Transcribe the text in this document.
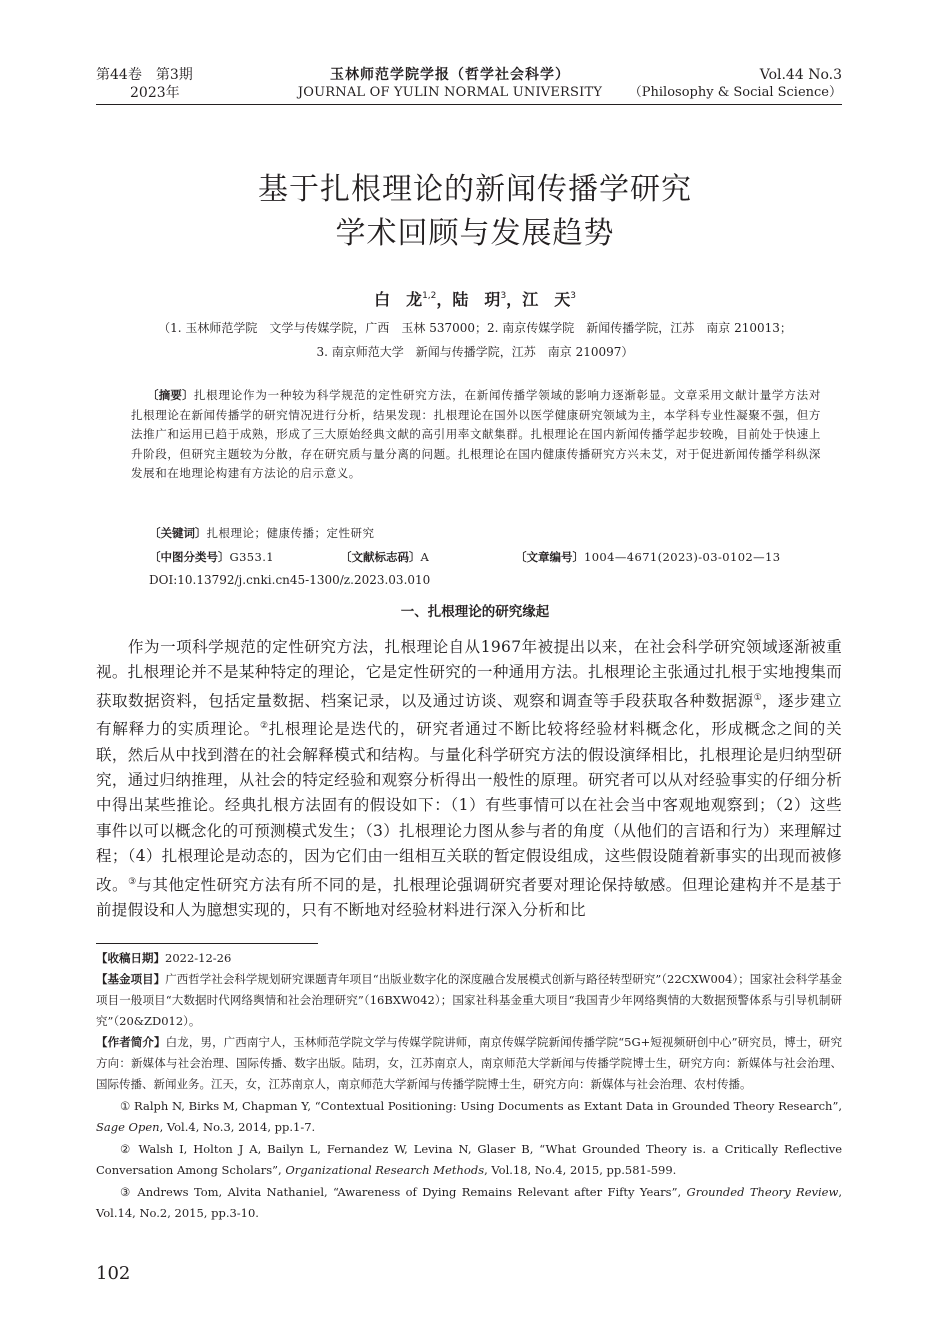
第44卷　第3期
2023年
玉林师范学院学报（哲学社会科学）
JOURNAL OF YULIN NORMAL UNIVERSITY
Vol.44 No.3
（Philosophy & Social Science）
基于扎根理论的新闻传播学研究
学术回顾与发展趋势
白　龙$^{1,2}$，陆　玥$^3$，江　天$^3$
（1. 玉林师范学院　文学与传媒学院，广西　玉林 537000；2. 南京传媒学院　新闻传播学院，江苏　南京 210013；
3. 南京师范大学　新闻与传播学院，江苏　南京 210097）
〔摘要〕扎根理论作为一种较为科学规范的定性研究方法，在新闻传播学领域的影响力逐渐彰显。文章采用文献计量学方法对扎根理论在新闻传播学的研究情况进行分析，结果发现：扎根理论在国外以医学健康研究领域为主，本学科专业性凝聚不强，但方法推广和运用已趋于成熟，形成了三大原始经典文献的高引用率文献集群。扎根理论在国内新闻传播学起步较晚，目前处于快速上升阶段，但研究主题较为分散，存在研究质与量分离的问题。扎根理论在国内健康传播研究方兴未艾，对于促进新闻传播学科纵深发展和在地理论构建有方法论的启示意义。
〔关键词〕扎根理论；健康传播；定性研究
〔中图分类号〕G353.1	〔文献标志码〕A	〔文章编号〕1004—4671(2023)-03-0102—13
DOI:10.13792/j.cnki.cn45-1300/z.2023.03.010
一、扎根理论的研究缘起
作为一项科学规范的定性研究方法，扎根理论自从1967年被提出以来，在社会科学研究领域逐渐被重视。扎根理论并不是某种特定的理论，它是定性研究的一种通用方法。扎根理论主张通过扎根于实地搜集而获取数据资料，包括定量数据、档案记录，以及通过访谈、观察和调查等手段获取各种数据源①，逐步建立有解释力的实质理论。②扎根理论是迭代的，研究者通过不断比较将经验材料概念化，形成概念之间的关联，然后从中找到潜在的社会解释模式和结构。与量化科学研究方法的假设演绎相比，扎根理论是归纳型研究，通过归纳推理，从社会的特定经验和观察分析得出一般性的原理。研究者可以从对经验事实的仔细分析中得出某些推论。经典扎根方法固有的假设如下：（1）有些事情可以在社会当中客观地观察到；（2）这些事件以可以概念化的可预测模式发生；（3）扎根理论力图从参与者的角度（从他们的言语和行为）来理解过程；（4）扎根理论是动态的，因为它们由一组相互关联的暂定假设组成，这些假设随着新事实的出现而被修改。③与其他定性研究方法有所不同的是，扎根理论强调研究者要对理论保持敏感。但理论建构并不是基于前提假设和人为臆想实现的，只有不断地对经验材料进行深入分析和比

【收稿日期】2022-12-26

【基金项目】广西哲学社会科学规划研究课题青年项目“出版业数字化的深度融合发展模式创新与路径转型研究”（22CXW004）；国家社会科学基金项目一般项目“大数据时代网络舆情和社会治理研究”（16BXW042）；国家社科基金重大项目“我国青少年网络舆情的大数据预警体系与引导机制研究”（20&ZD012）。

【作者简介】白龙，男，广西南宁人，玉林师范学院文学与传媒学院讲师，南京传媒学院新闻传播学院“5G+短视频研创中心”研究员，博士，研究方向：新媒体与社会治理、国际传播、数字出版。陆玥，女，江苏南京人，南京师范大学新闻与传播学院博士生，研究方向：新媒体与社会治理、国际传播、新闻业务。江天，女，江苏南京人，南京师范大学新闻与传播学院博士生，研究方向：新媒体与社会治理、农村传播。

① Ralph N, Birks M, Chapman Y, “Contextual Positioning: Using Documents as Extant Data in Grounded Theory Research”, Sage Open, Vol.4, No.3, 2014, pp.1-7.

② Walsh I, Holton J A, Bailyn L, Fernandez W, Levina N, Glaser B, “What Grounded Theory is. a Critically Reflective Conversation Among Scholars”, Organizational Research Methods, Vol.18, No.4, 2015, pp.581-599.

③ Andrews Tom, Alvita Nathaniel, “Awareness of Dying Remains Relevant after Fifty Years”, Grounded Theory Review, Vol.14, No.2, 2015, pp.3-10.

102
